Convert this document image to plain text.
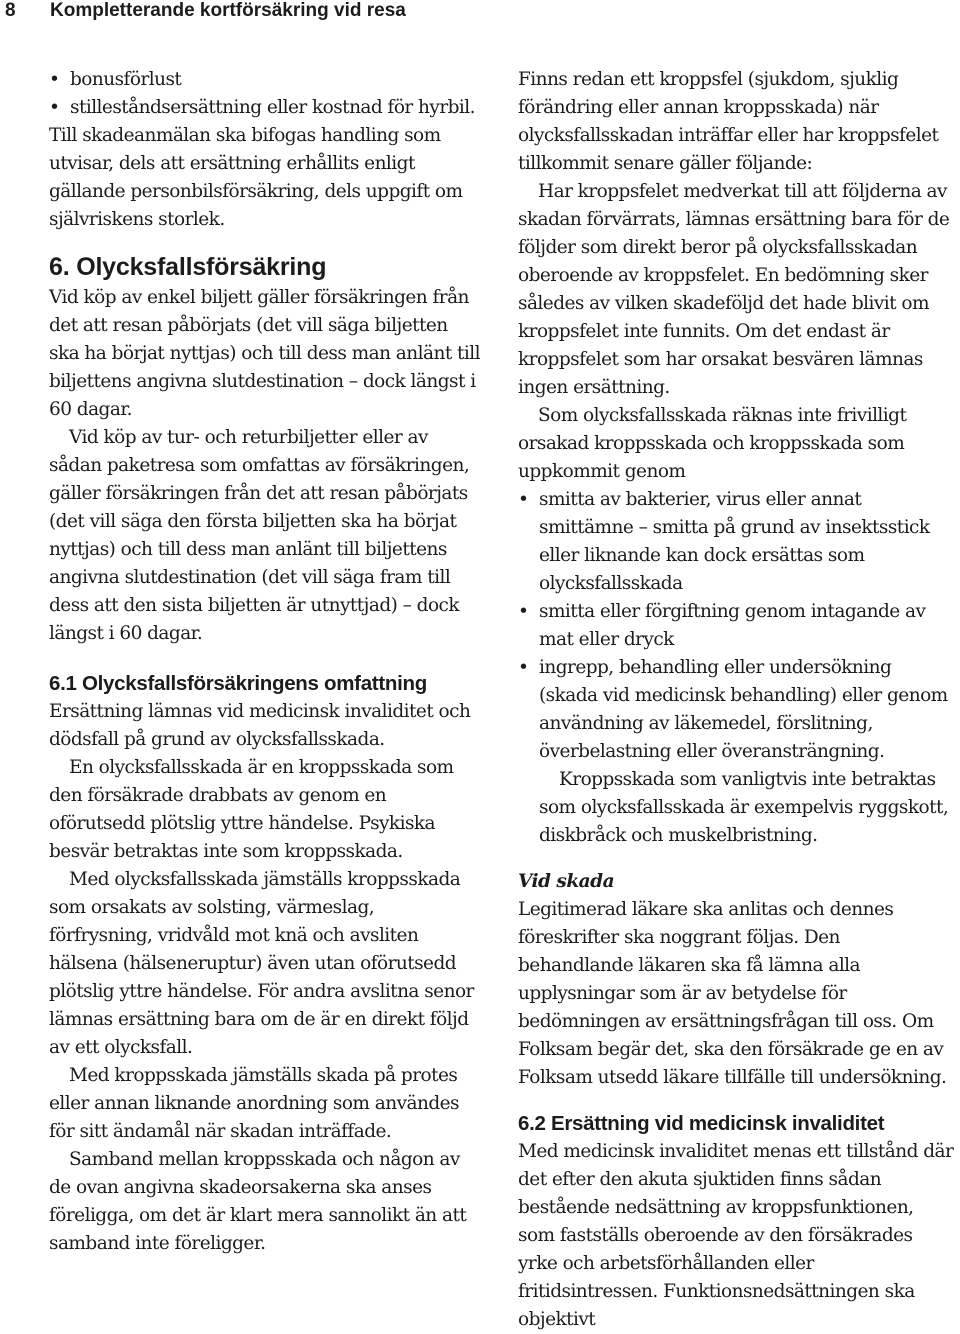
8 Kompletterande kortförsäkring vid resa
• bonusförlust
• stilleståndsersättning eller kostnad för hyrbil.

Till skadeanmälan ska bifogas handling som utvisar, dels att ersättning erhållits enligt gällande personbilsförsäkring, dels uppgift om självriskens storlek.

6. Olycksfallsförsäkring

Vid köp av enkel biljett gäller försäkringen från det att resan påbörjats (det vill säga biljetten ska ha börjat nyttjas) och till dess man anlänt till biljettens angivna slutdestination – dock längst i 60 dagar.

Vid köp av tur- och returbiljetter eller av sådan paketresa som omfattas av försäkringen, gäller försäkringen från det att resan påbörjats (det vill säga den första biljetten ska ha börjat nyttjas) och till dess man anlänt till biljettens angivna slutdestination (det vill säga fram till dess att den sista biljetten är utnyttjad) – dock längst i 60 dagar.

6.1 Olycksfallsförsäkringens omfattning

Ersättning lämnas vid medicinsk invaliditet och dödsfall på grund av olycksfallsskada.

En olycksfallsskada är en kroppsskada som den försäkrade drabbats av genom en oförutsedd plötslig yttre händelse. Psykiska besvär betraktas inte som kroppsskada.

Med olycksfallsskada jämställs kroppsskada som orsakats av solsting, värmeslag, förfrysning, vridvåld mot knä och avsliten hälsena (hälseneruptur) även utan oförutsedd plötslig yttre händelse. För andra avslitna senor lämnas ersättning bara om de är en direkt följd av ett olycksfall.

Med kroppsskada jämställs skada på protes eller annan liknande anordning som användes för sitt ändamål när skadan inträffade.

Samband mellan kroppsskada och någon av de ovan angivna skadeorsakerna ska anses föreligga, om det är klart mera sannolikt än att samband inte föreligger.

Finns redan ett kroppsfel (sjukdom, sjuklig förändring eller annan kroppsskada) när olycksfallsskadan inträffar eller har kroppsfelet tillkommit senare gäller följande:

Har kroppsfelet medverkat till att följderna av skadan förvärrats, lämnas ersättning bara för de följder som direkt beror på olycksfallsskadan oberoende av kroppsfelet. En bedömning sker således av vilken skadeföljd det hade blivit om kroppsfelet inte funnits. Om det endast är kroppsfelet som har orsakat besvären lämnas ingen ersättning.

Som olycksfallsskada räknas inte frivilligt orsakad kroppsskada och kroppsskada som uppkommit genom

• smitta av bakterier, virus eller annat smittämne – smitta på grund av insektsstick eller liknande kan dock ersättas som olycksfallsskada
• smitta eller förgiftning genom intagande av mat eller dryck
• ingrepp, behandling eller undersökning (skada vid medicinsk behandling) eller genom användning av läkemedel, förslitning, överbelastning eller överansträngning.
Kroppsskada som vanligtvis inte betraktas som olycksfallsskada är exempelvis ryggskott, diskbråck och muskelbristning.
Vid skada

Legitimerad läkare ska anlitas och dennes föreskrifter ska noggrant följas. Den behandlande läkaren ska få lämna alla upplysningar som är av betydelse för bedömningen av ersättningsfrågan till oss. Om Folksam begär det, ska den försäkrade ge en av Folksam utsedd läkare tillfälle till undersökning.

6.2 Ersättning vid medicinsk invaliditet

Med medicinsk invaliditet menas ett tillstånd där det efter den akuta sjuktiden finns sådan bestående nedsättning av kroppsfunktionen, som fastställs oberoende av den försäkrades yrke och arbetsförhållanden eller fritidsintressen. Funktionsnedsättningen ska objektivt
